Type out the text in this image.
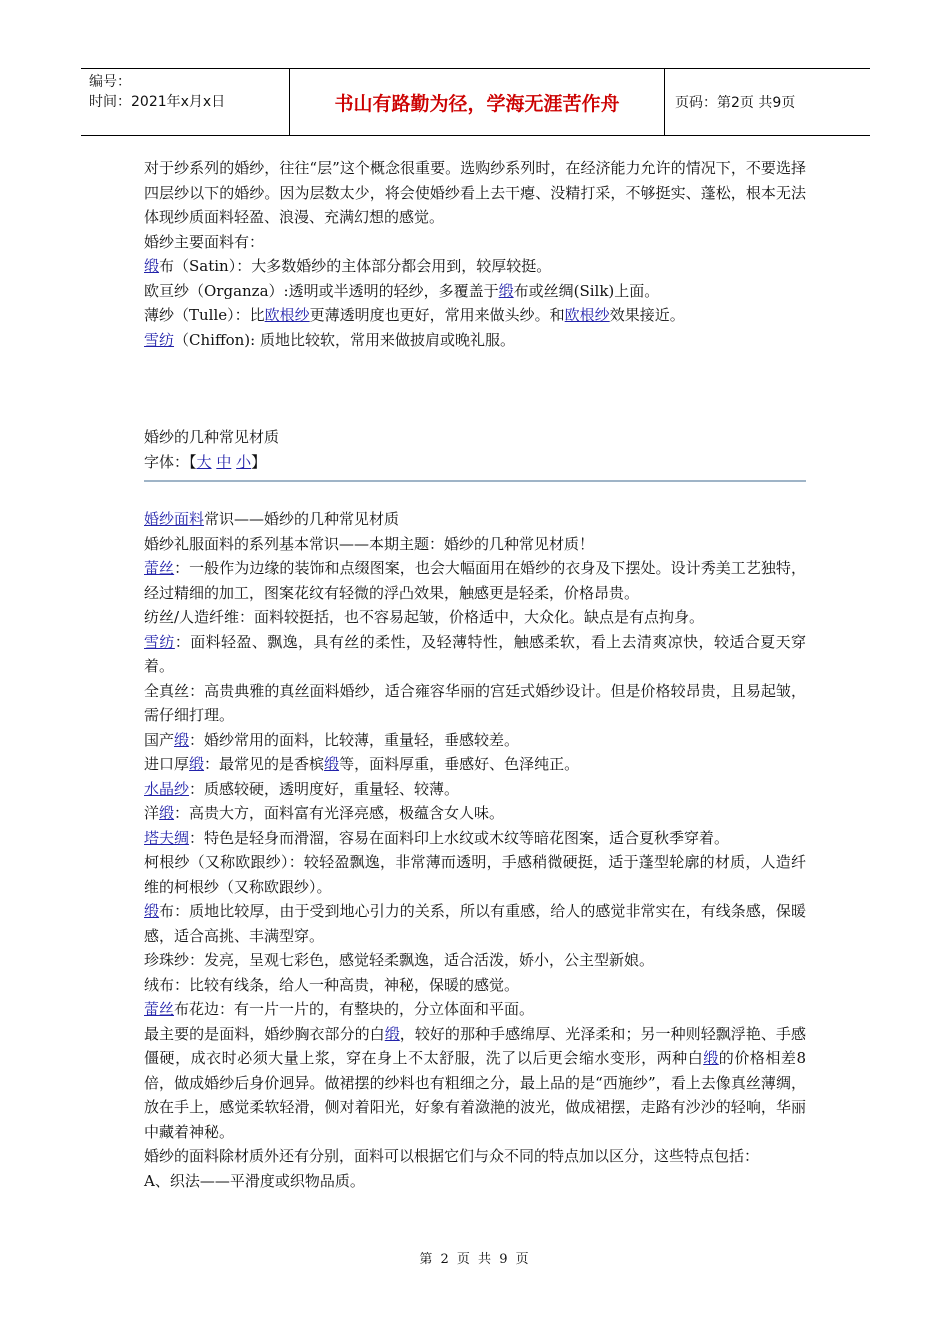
编号：
时间：2021年x月x日	书山有路勤为径，学海无涯苦作舟	页码：第2页 共9页

对于纱系列的婚纱，往往“层”这个概念很重要。选购纱系列时，在经济能力允许的情况下，不要选择四层纱以下的婚纱。因为层数太少，将会使婚纱看上去干瘪、没精打采，不够挺实、蓬松，根本无法体现纱质面料轻盈、浪漫、充满幻想的感觉。

婚纱主要面料有：

缎布（Satin）：大多数婚纱的主体部分都会用到，较厚较挺。

欧亘纱（Organza）:透明或半透明的轻纱，多覆盖于缎布或丝绸(Silk)上面。

薄纱（Tulle）：比欧根纱更薄透明度也更好，常用来做头纱。和欧根纱效果接近。

雪纺（Chiffon): 质地比较软，常用来做披肩或晚礼服。

婚纱的几种常见材质

字体：【大 中 小】

婚纱面料常识——婚纱的几种常见材质

婚纱礼服面料的系列基本常识——本期主题：婚纱的几种常见材质！

蕾丝：一般作为边缘的装饰和点缀图案，也会大幅面用在婚纱的衣身及下摆处。设计秀美工艺独特，经过精细的加工，图案花纹有轻微的浮凸效果，触感更是轻柔，价格昂贵。

纺丝/人造纤维：面料较挺括，也不容易起皱，价格适中，大众化。缺点是有点拘身。

雪纺：面料轻盈、飘逸，具有丝的柔性，及轻薄特性，触感柔软，看上去清爽凉快，较适合夏天穿着。

全真丝：高贵典雅的真丝面料婚纱，适合雍容华丽的宫廷式婚纱设计。但是价格较昂贵，且易起皱，需仔细打理。

国产缎：婚纱常用的面料，比较薄，重量轻，垂感较差。

进口厚缎：最常见的是香槟缎等，面料厚重，垂感好、色泽纯正。

水晶纱：质感较硬，透明度好，重量轻、较薄。

洋缎：高贵大方，面料富有光泽亮感，极蕴含女人味。

塔夫绸：特色是轻身而滑溜，容易在面料印上水纹或木纹等暗花图案，适合夏秋季穿着。

柯根纱（又称欧跟纱）：较轻盈飘逸，非常薄而透明，手感稍微硬挺，适于蓬型轮廓的材质，人造纤维的柯根纱（又称欧跟纱）。

缎布：质地比较厚，由于受到地心引力的关系，所以有重感，给人的感觉非常实在，有线条感，保暖感，适合高挑、丰满型穿。

珍珠纱：发亮，呈观七彩色，感觉轻柔飘逸，适合活泼，娇小，公主型新娘。

绒布：比较有线条，给人一种高贵，神秘，保暖的感觉。

蕾丝布花边：有一片一片的，有整块的，分立体面和平面。

最主要的是面料，婚纱胸衣部分的白缎，较好的那种手感绵厚、光泽柔和；另一种则轻飘浮艳、手感僵硬，成衣时必须大量上浆，穿在身上不太舒服，洗了以后更会缩水变形，两种白缎的价格相差8倍，做成婚纱后身价迥异。做裙摆的纱料也有粗细之分，最上品的是“西施纱”，看上去像真丝薄绸，放在手上，感觉柔软轻滑，侧对着阳光，好象有着潋滟的波光，做成裙摆，走路有沙沙的轻响，华丽中藏着神秘。

婚纱的面料除材质外还有分别，面料可以根据它们与众不同的特点加以区分，这些特点包括：

A、织法——平滑度或织物品质。

第 2 页 共 9 页
